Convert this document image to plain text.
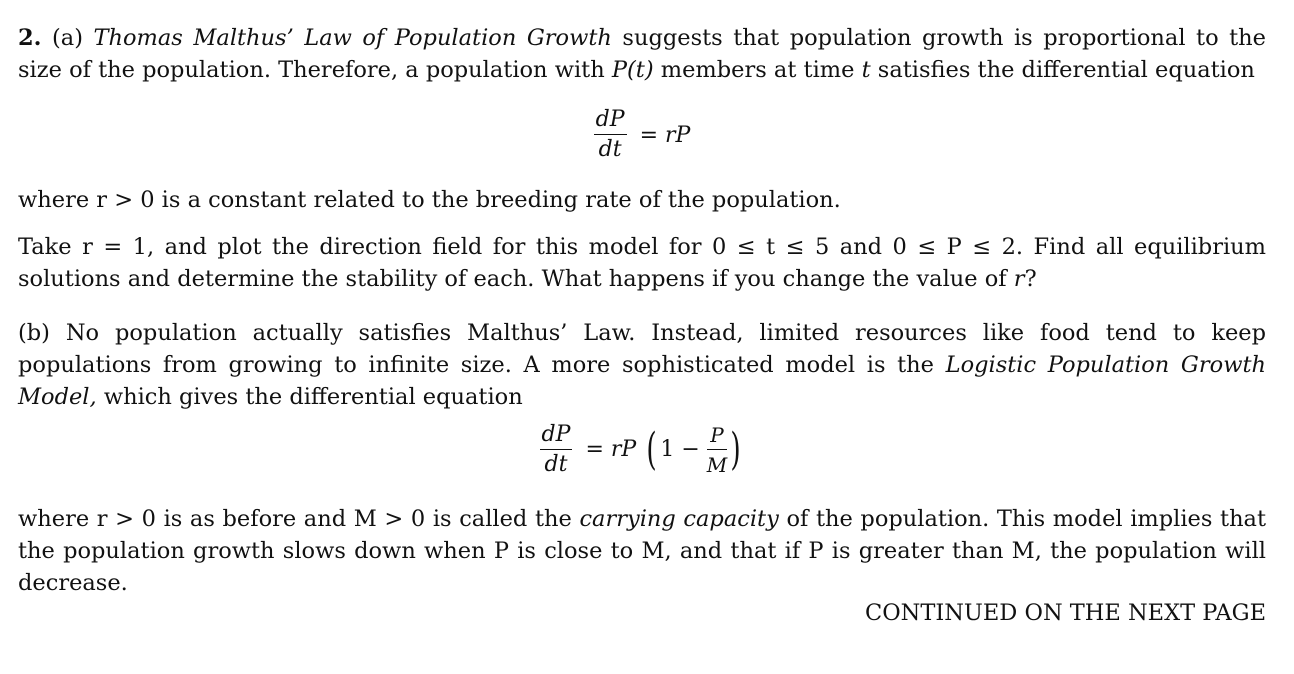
2. (a) Thomas Malthus’ Law of Population Growth suggests that population growth is proportional to the size of the population. Therefore, a population with P(t) members at time t satisfies the differential equation
$\frac{dP}{dt}$ = rP
where r > 0 is a constant related to the breeding rate of the population.
Take r = 1, and plot the direction field for this model for 0 ≤ t ≤ 5 and 0 ≤ P ≤ 2. Find all equilibrium solutions and determine the stability of each. What happens if you change the value of r?
(b) No population actually satisfies Malthus’ Law. Instead, limited resources like food tend to keep populations from growing to infinite size. A more sophisticated model is the Logistic Population Growth Model, which gives the differential equation
$\frac{dP}{dt}$ = rP ( $1 - \frac{P}{M}$ )
where r > 0 is as before and M > 0 is called the carrying capacity of the population. This model implies that the population growth slows down when P is close to M, and that if P is greater than M, the population will decrease.
CONTINUED ON THE NEXT PAGE
